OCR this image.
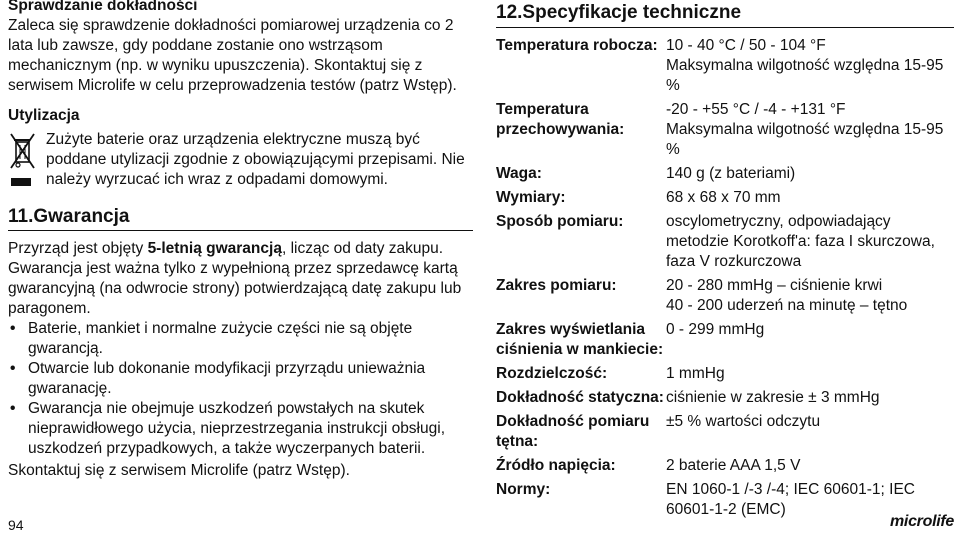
Sprawdzanie dokładności

Zaleca się sprawdzenie dokładności pomiarowej urządzenia co 2 lata lub zawsze, gdy poddane zostanie ono wstrząsom mechanicznym (np. w wyniku upuszczenia). Skontaktuj się z serwisem Microlife w celu przeprowadzenia testów (patrz Wstęp).

Utylizacja
Zużyte baterie oraz urządzenia elektryczne muszą być poddane utylizacji zgodnie z obowiązującymi przepisami. Nie należy wyrzucać ich wraz z odpadami domowymi.
11.Gwarancja

Przyrząd jest objęty 5-letnią gwarancją, licząc od daty zakupu.

Gwarancja jest ważna tylko z wypełnioną przez sprzedawcę kartą gwarancyjną (na odwrocie strony) potwierdzającą datę zakupu lub paragonem.

• Baterie, mankiet i normalne zużycie części nie są objęte gwarancją.
• Otwarcie lub dokonanie modyfikacji przyrządu unieważnia gwaranację.
• Gwarancja nie obejmuje uszkodzeń powstałych na skutek nieprawidłowego użycia, nieprzestrzegania instrukcji obsługi, uszkodzeń przypadkowych, a także wyczerpanych baterii.

Skontaktuj się z serwisem Microlife (patrz Wstęp).

12.Specyfikacje techniczne
Temperatura robocza: 10 - 40 °C / 50 - 104 °F
Maksymalna wilgotność względna 15-95 %
Temperatura przechowywania:
-20 - +55 °C / -4 - +131 °F
Maksymalna wilgotność względna 15-95 %
Waga:	140 g (z bateriami)
Wymiary:	68 x 68 x 70 mm
Sposób pomiaru:	oscylometryczny, odpowiadający metodzie Korotkoff'a: faza I skurczowa, faza V rozkurczowa
Zakres pomiaru:	20 - 280 mmHg – ciśnienie krwi
40 - 200 uderzeń na minutę – tętno
Zakres wyświetlania ciśnienia w mankiecie:
0 - 299 mmHg
Rozdzielczość:	1 mmHg
Dokładność statyczna: ciśnienie w zakresie ± 3 mmHg
Dokładność pomiaru tętna:
±5 % wartości odczytu
Źródło napięcia:	2 baterie AAA 1,5 V
Normy:	EN 1060-1 /-3 /-4; IEC 60601-1; IEC 60601-1-2 (EMC)
94	microlife
